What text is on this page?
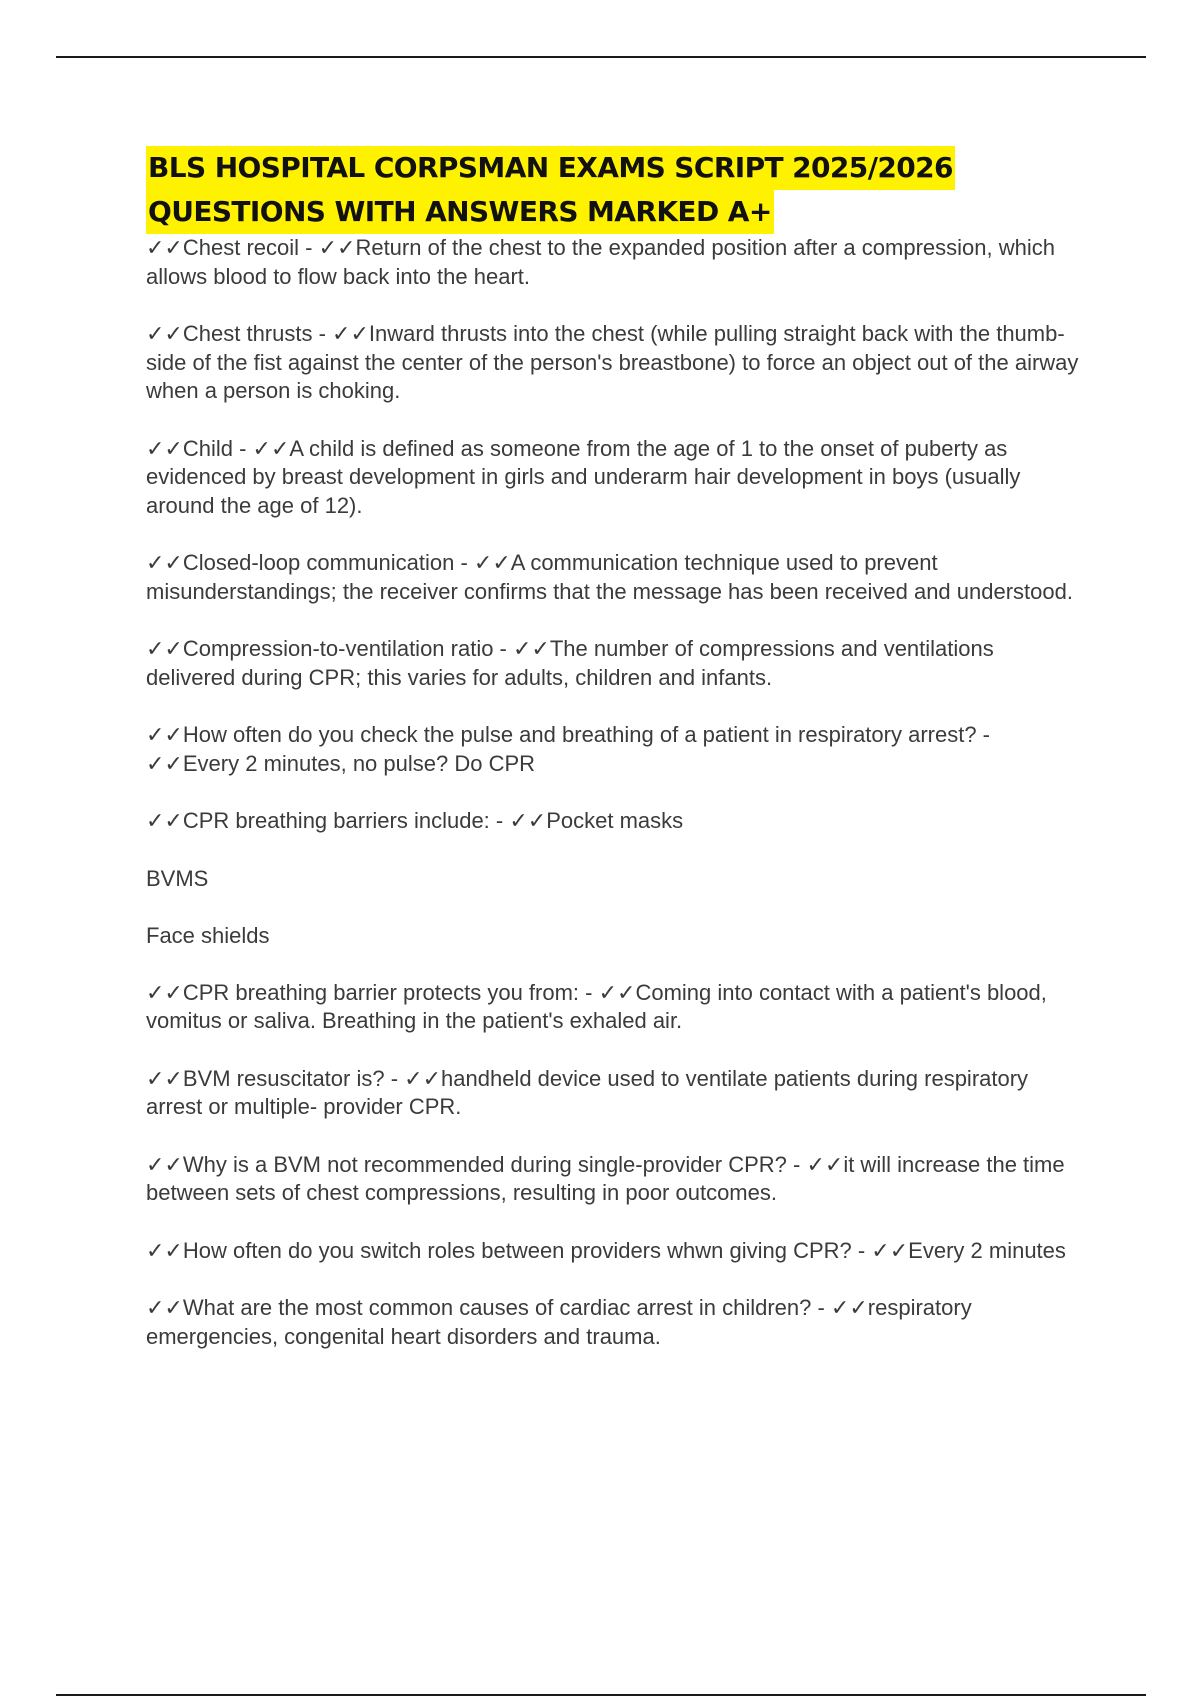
BLS HOSPITAL CORPSMAN EXAMS SCRIPT 2025/2026
QUESTIONS WITH ANSWERS MARKED A+

✓✓Chest recoil - ✓✓Return of the chest to the expanded position after a compression, which allows blood to flow back into the heart.

✓✓Chest thrusts - ✓✓Inward thrusts into the chest (while pulling straight back with the thumb-side of the fist against the center of the person's breastbone) to force an object out of the airway when a person is choking.

✓✓Child - ✓✓A child is defined as someone from the age of 1 to the onset of puberty as evidenced by breast development in girls and underarm hair development in boys (usually around the age of 12).

✓✓Closed-loop communication - ✓✓A communication technique used to prevent misunderstandings; the receiver confirms that the message has been received and understood.

✓✓Compression-to-ventilation ratio - ✓✓The number of compressions and ventilations delivered during CPR; this varies for adults, children and infants.

✓✓How often do you check the pulse and breathing of a patient in respiratory arrest? - ✓✓Every 2 minutes, no pulse? Do CPR

✓✓CPR breathing barriers include: - ✓✓Pocket masks

BVMS

Face shields

✓✓CPR breathing barrier protects you from: - ✓✓Coming into contact with a patient's blood, vomitus or saliva. Breathing in the patient's exhaled air.

✓✓BVM resuscitator is? - ✓✓handheld device used to ventilate patients during respiratory arrest or multiple- provider CPR.

✓✓Why is a BVM not recommended during single-provider CPR? - ✓✓it will increase the time between sets of chest compressions, resulting in poor outcomes.

✓✓How often do you switch roles between providers whwn giving CPR? - ✓✓Every 2 minutes

✓✓What are the most common causes of cardiac arrest in children? - ✓✓respiratory emergencies, congenital heart disorders and trauma.
